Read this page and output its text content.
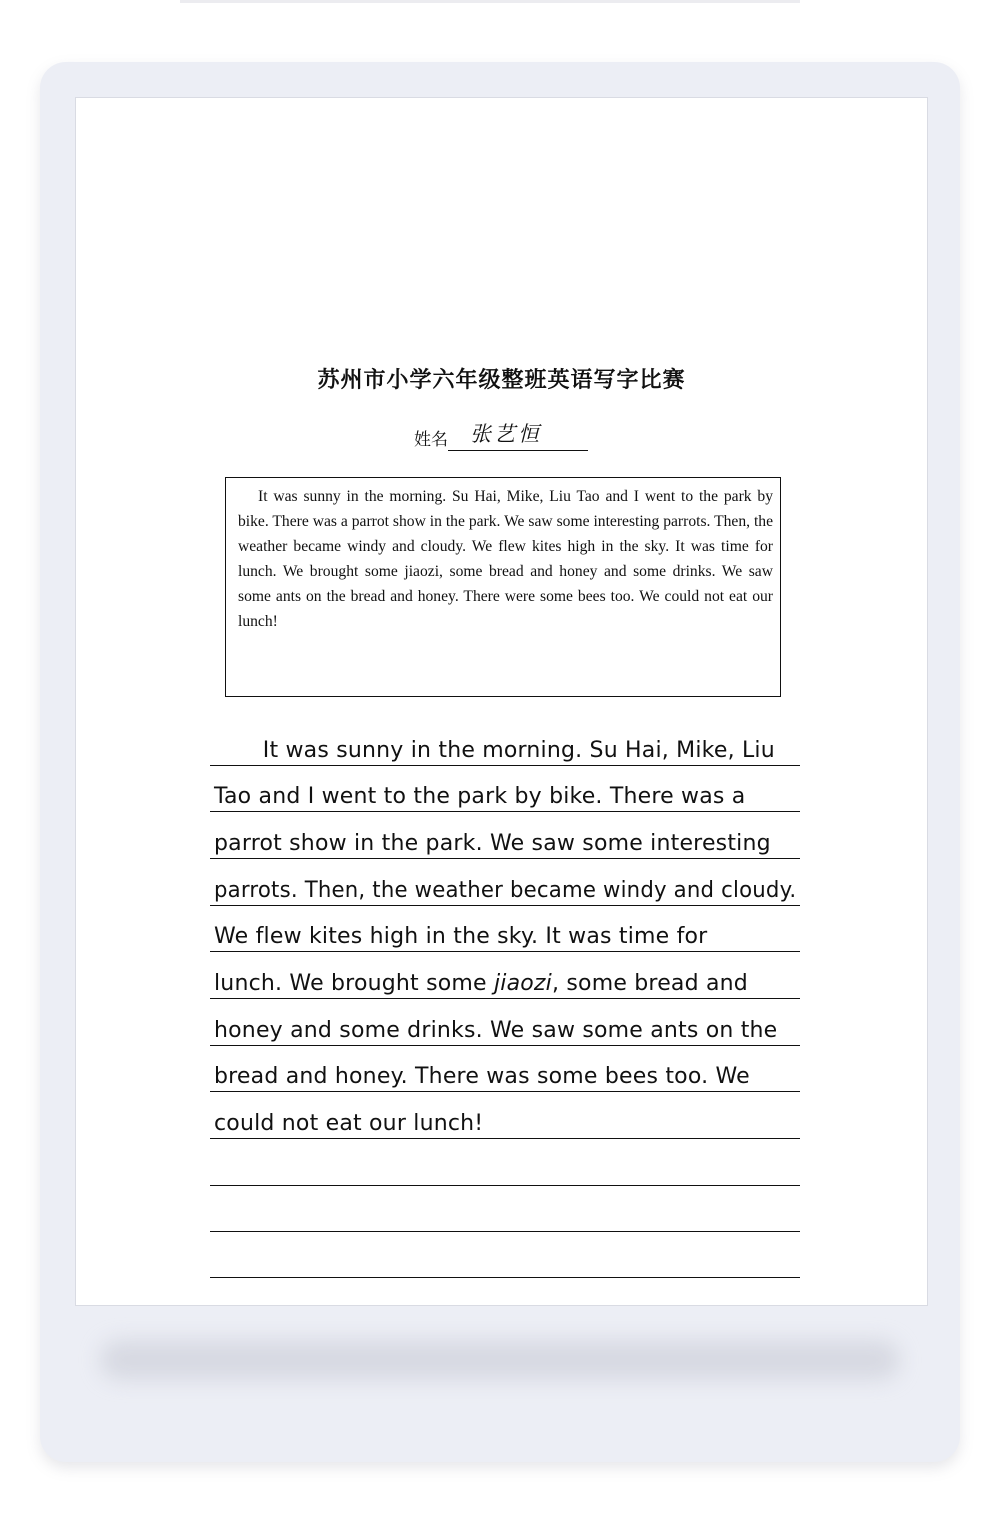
苏州市小学六年级整班英语写字比赛
姓名 张艺恒
It was sunny in the morning. Su Hai, Mike, Liu Tao and I went to the park by bike. There was a parrot show in the park. We saw some interesting parrots. Then, the weather became windy and cloudy. We flew kites high in the sky. It was time for lunch. We brought some jiaozi, some bread and honey and some drinks. We saw some ants on the bread and honey. There were some bees too. We could not eat our lunch!
It was sunny in the morning. Su Hai, Mike, Liu
Tao and I went to the park by bike. There was a
parrot show in the park. We saw some interesting
parrots. Then, the weather became windy and cloudy.
We flew kites high in the sky. It was time for
lunch. We brought some jiaozi, some bread and
honey and some drinks. We saw some ants on the
bread and honey. There was some bees too. We
could not eat our lunch!
